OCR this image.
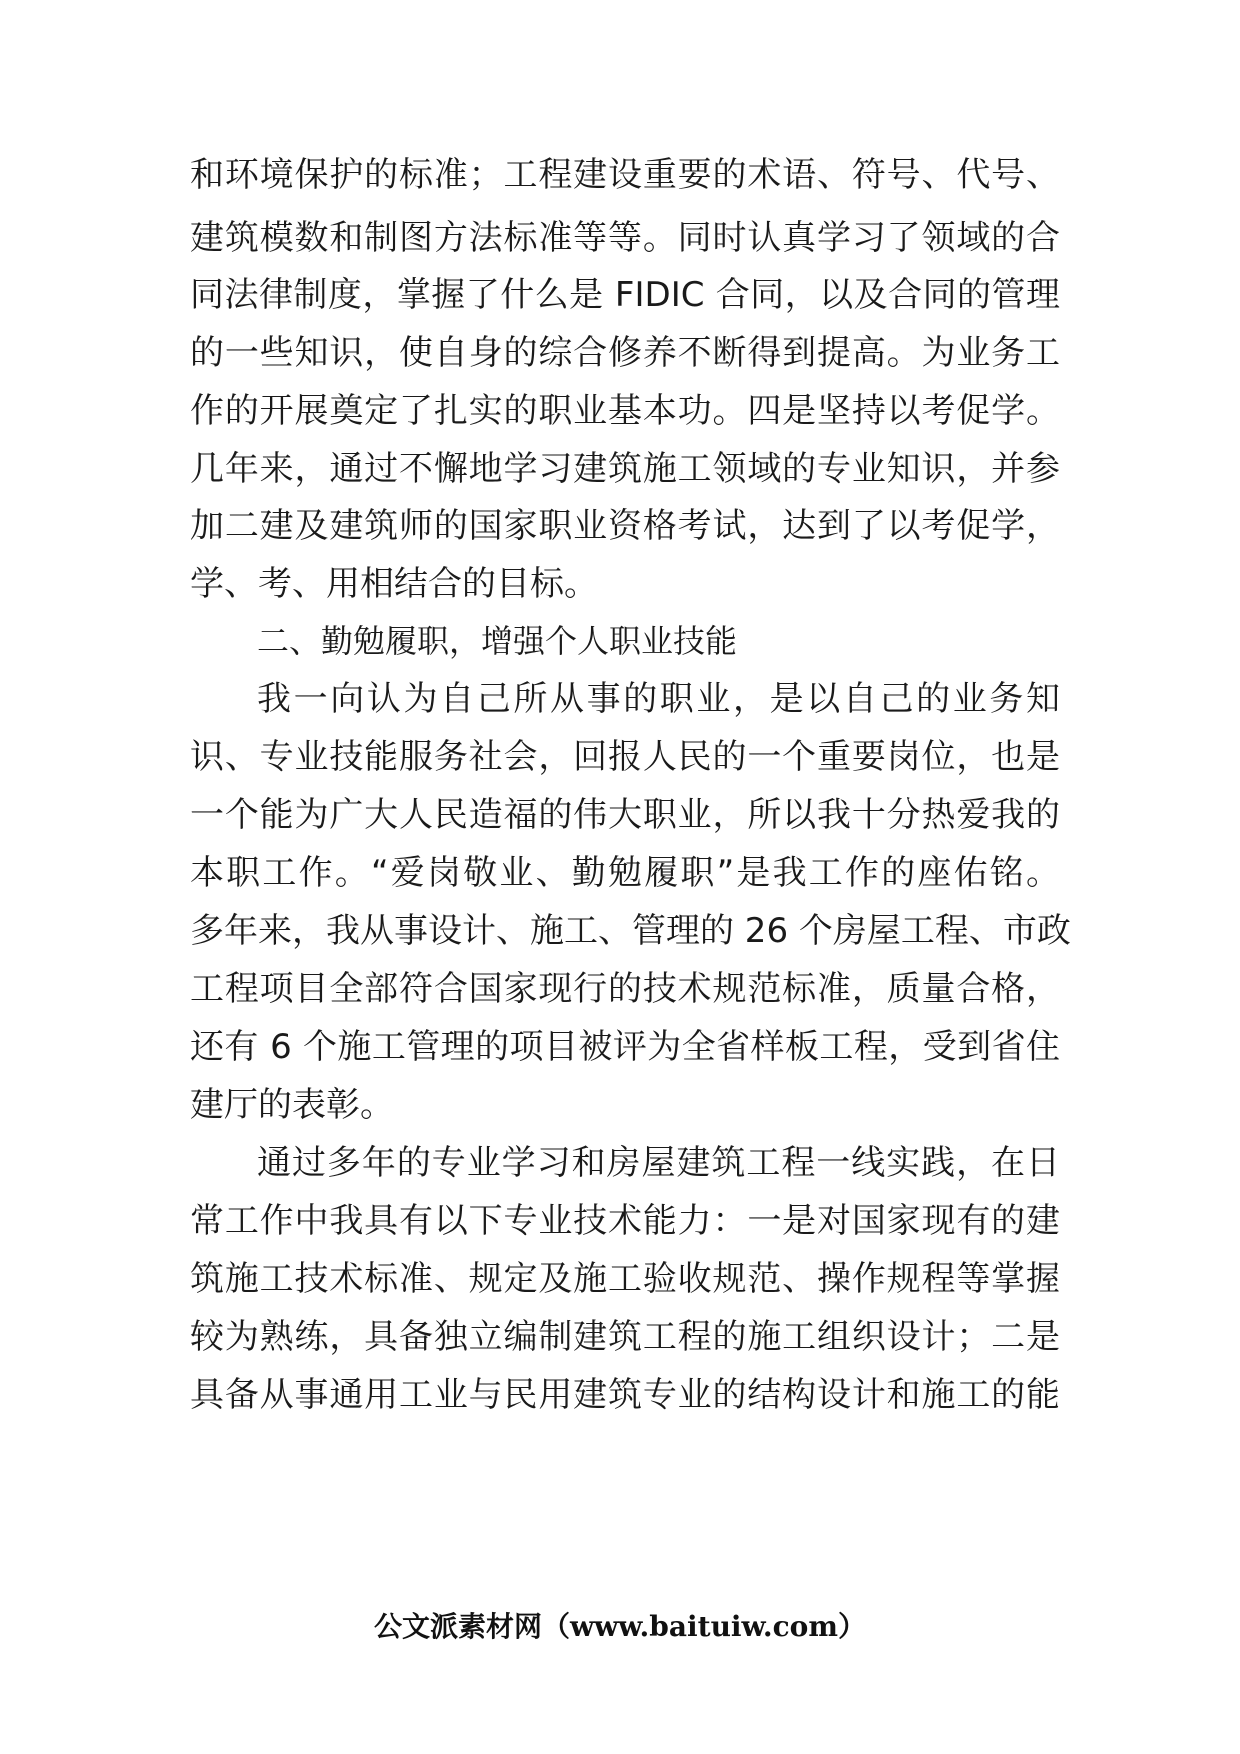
和环境保护的标准；工程建设重要的术语、符号、代号、
建筑模数和制图方法标准等等。同时认真学习了领域的合
同法律制度，掌握了什么是 FIDIC 合同，以及合同的管理
的一些知识，使自身的综合修养不断得到提高。为业务工
作的开展奠定了扎实的职业基本功。四是坚持以考促学。
几年来，通过不懈地学习建筑施工领域的专业知识，并参
加二建及建筑师的国家职业资格考试，达到了以考促学，
学、考、用相结合的目标。
二、勤勉履职，增强个人职业技能
我一向认为自己所从事的职业，是以自己的业务知
识、专业技能服务社会，回报人民的一个重要岗位，也是
一个能为广大人民造福的伟大职业，所以我十分热爱我的
本职工作。“爱岗敬业、勤勉履职”是我工作的座佑铭。
多年来，我从事设计、施工、管理的 26 个房屋工程、市政
工程项目全部符合国家现行的技术规范标准，质量合格，
还有 6 个施工管理的项目被评为全省样板工程，受到省住
建厅的表彰。
通过多年的专业学习和房屋建筑工程一线实践，在日
常工作中我具有以下专业技术能力：一是对国家现有的建
筑施工技术标准、规定及施工验收规范、操作规程等掌握
较为熟练，具备独立编制建筑工程的施工组织设计；二是
具备从事通用工业与民用建筑专业的结构设计和施工的能
公文派素材网（www.baituiw.com）
